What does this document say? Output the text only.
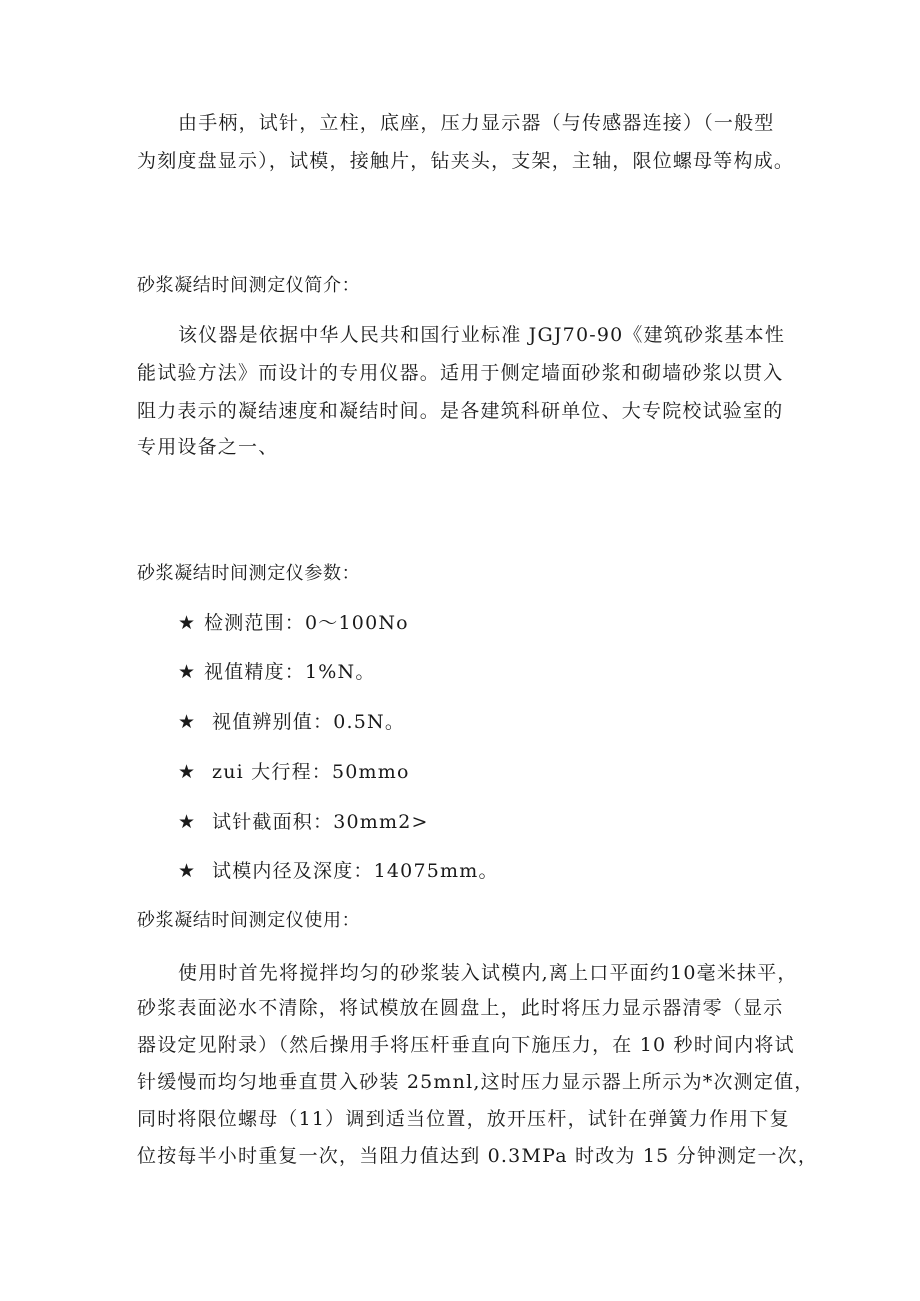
由手柄，试针，立柱，底座，压力显示器（与传感器连接）（一般型
为刻度盘显示），试模，接触片，钻夹头，支架，主轴，限位螺母等构成。
砂浆凝结时间测定仪简介：
该仪器是依据中华人民共和国行业标准 JGJ70-90《建筑砂浆基本性
能试验方法》而设计的专用仪器。适用于侧定墙面砂浆和砌墙砂浆以贯入
阻力表示的凝结速度和凝结时间。是各建筑科研单位、大专院校试验室的
专用设备之一、
砂浆凝结时间测定仪参数：
★ 检测范围：0～100No
★ 视值精度：1%N。
★ 视值辨别值：0.5N。
★ zui 大行程：50mmo
★ 试针截面积：30mm2>
★ 试模内径及深度：14075mm。
砂浆凝结时间测定仪使用：
使用时首先将搅拌均匀的砂浆装入试模内,离上口平面约10毫米抹平，
砂浆表面泌水不清除，将试模放在圆盘上，此时将压力显示器清零（显示
器设定见附录）（然后操用手将压杆垂直向下施压力，在 10 秒时间内将试
针缓慢而均匀地垂直贯入砂装 25mnl,这时压力显示器上所示为*次测定值，
同时将限位螺母（11）调到适当位置，放开压杆，试针在弹簧力作用下复
位按每半小时重复一次，当阻力值达到 0.3MPa 时改为 15 分钟测定一次，
